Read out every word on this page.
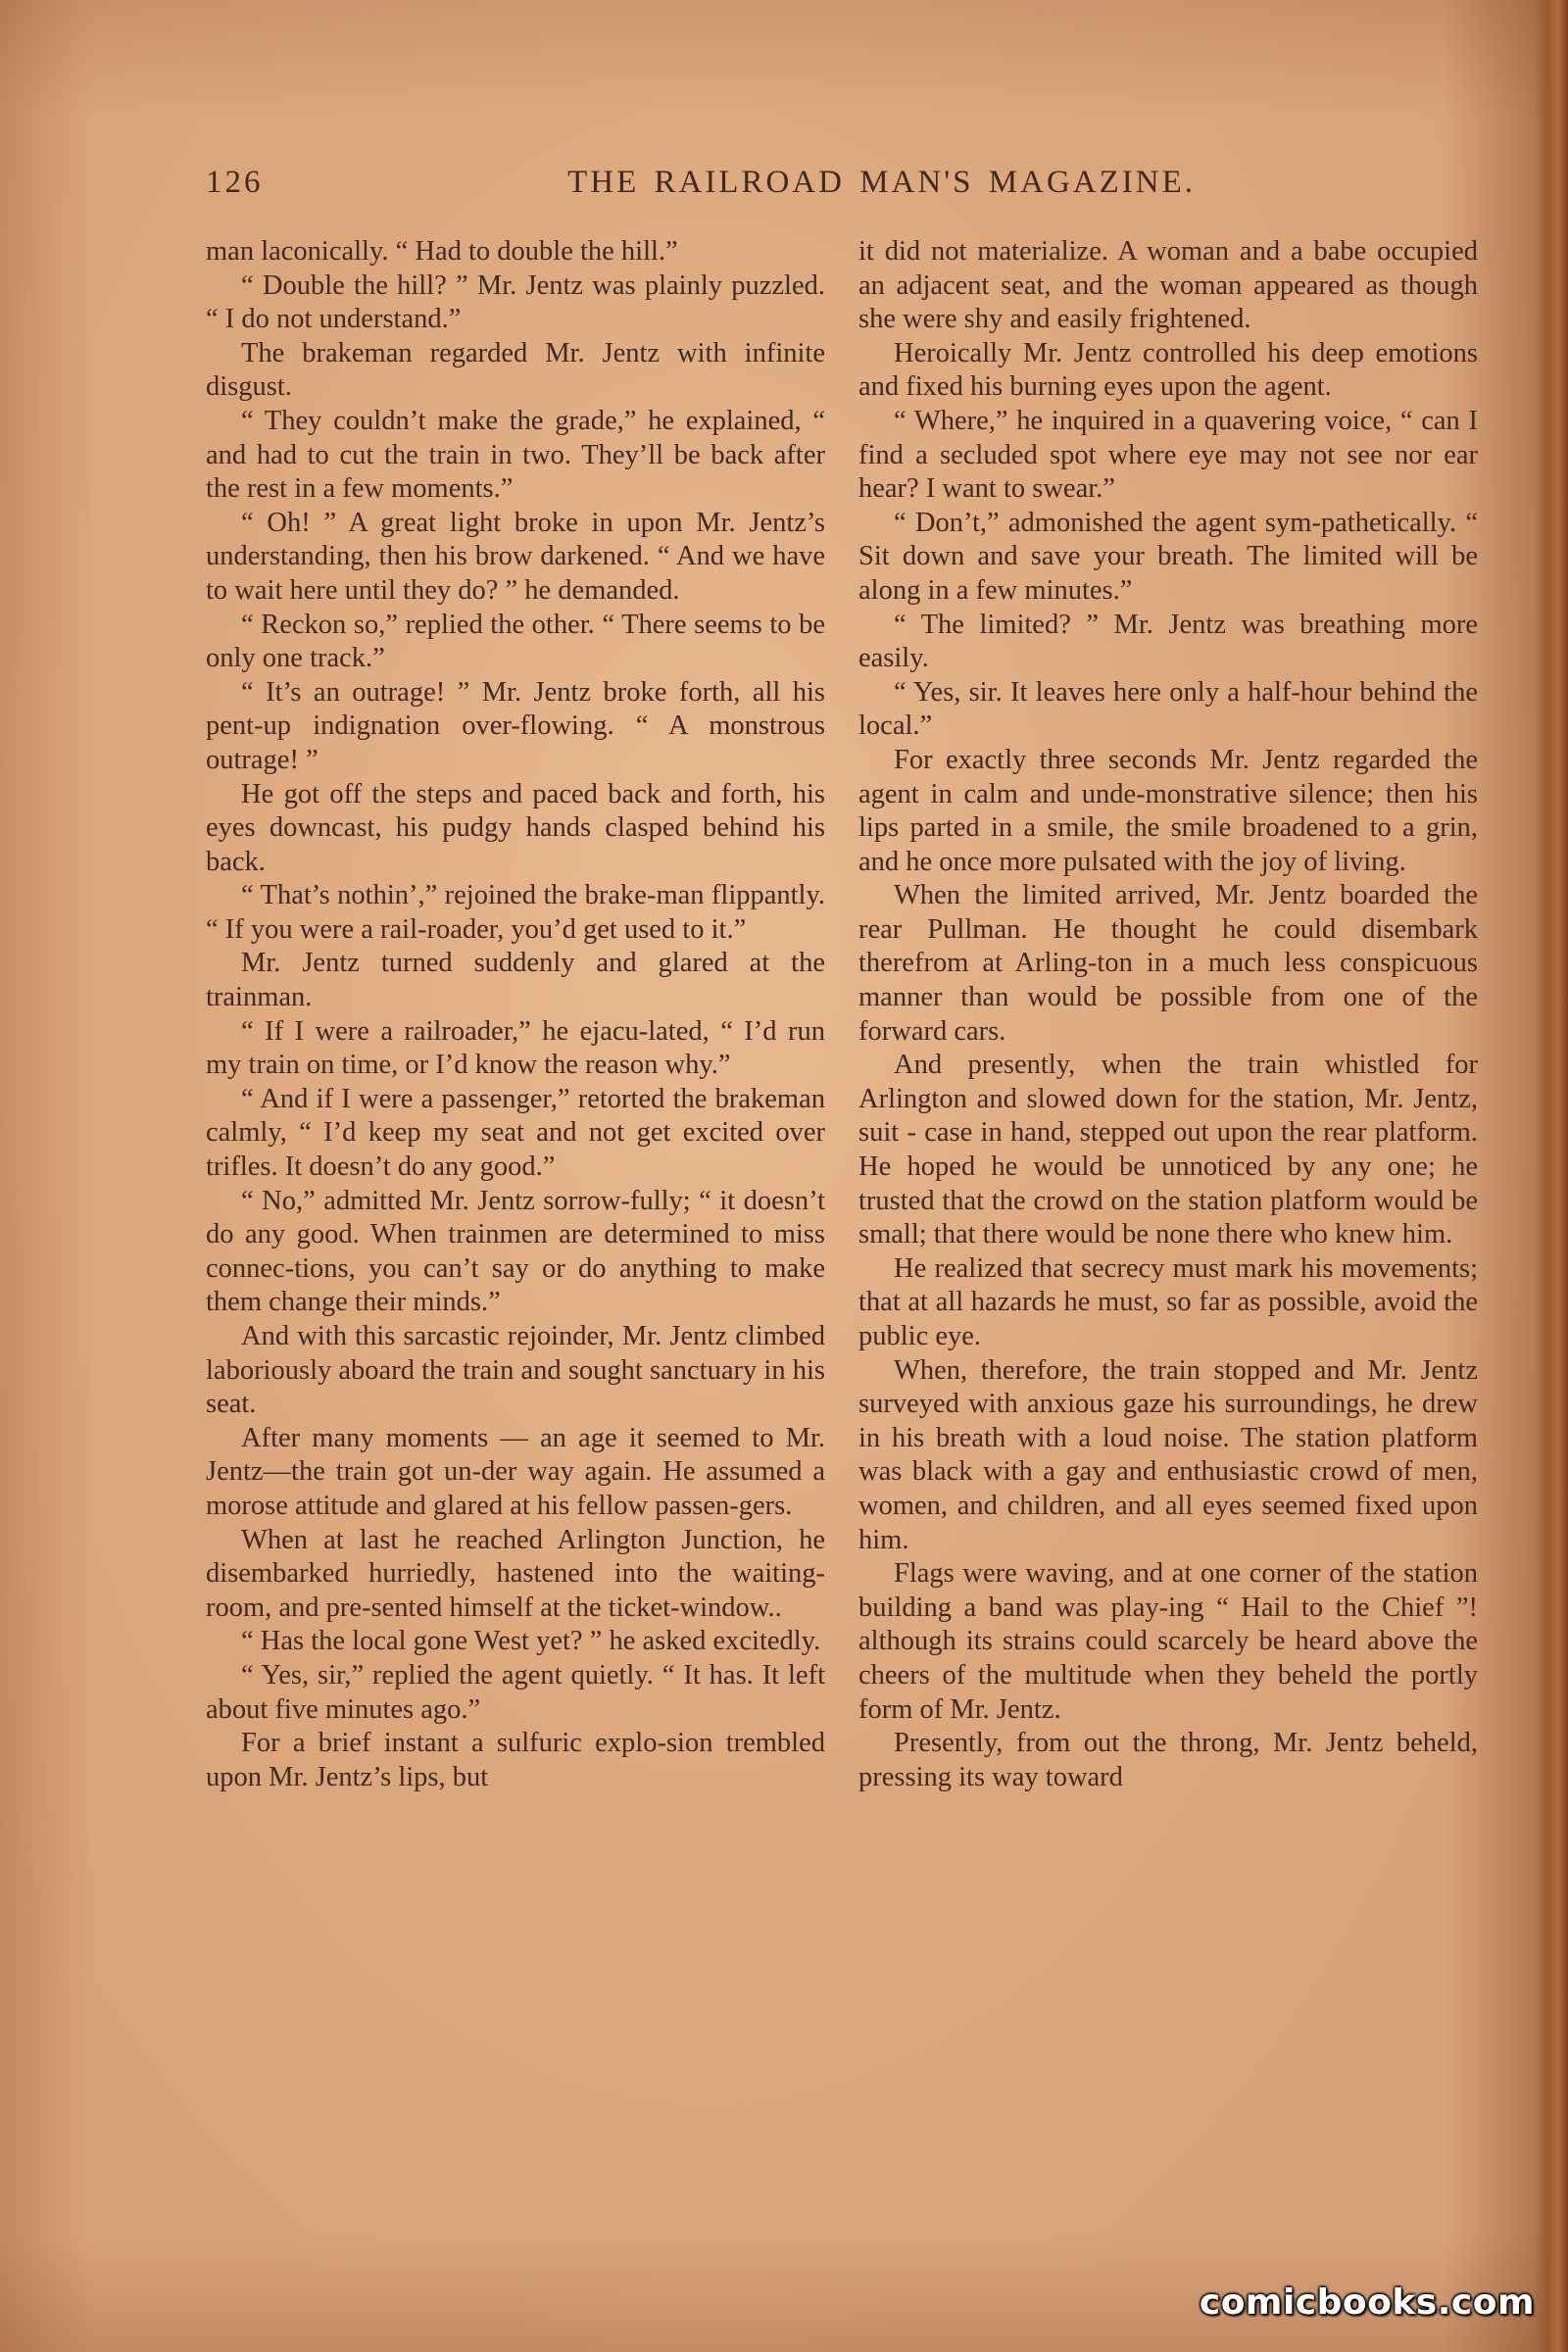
126	THE RAILROAD MAN'S MAGAZINE.

man laconically. “ Had to double the hill.”

“ Double the hill? ” Mr. Jentz was plainly puzzled. “ I do not understand.”

The brakeman regarded Mr. Jentz with infinite disgust.

“ They couldn’t make the grade,” he explained, “ and had to cut the train in two. They’ll be back after the rest in a few moments.”

“ Oh! ” A great light broke in upon Mr. Jentz’s understanding, then his brow darkened. “ And we have to wait here until they do? ” he demanded.

“ Reckon so,” replied the other. “ There seems to be only one track.”

“ It’s an outrage! ” Mr. Jentz broke forth, all his pent-up indignation over-flowing. “ A monstrous outrage! ”

He got off the steps and paced back and forth, his eyes downcast, his pudgy hands clasped behind his back.

“ That’s nothin’,” rejoined the brake-man flippantly. “ If you were a rail-roader, you’d get used to it.”

Mr. Jentz turned suddenly and glared at the trainman.

“ If I were a railroader,” he ejacu-lated, “ I’d run my train on time, or I’d know the reason why.”

“ And if I were a passenger,” retorted the brakeman calmly, “ I’d keep my seat and not get excited over trifles. It doesn’t do any good.”

“ No,” admitted Mr. Jentz sorrow-fully; “ it doesn’t do any good. When trainmen are determined to miss connec-tions, you can’t say or do anything to make them change their minds.”

And with this sarcastic rejoinder, Mr. Jentz climbed laboriously aboard the train and sought sanctuary in his seat.

After many moments — an age it seemed to Mr. Jentz—the train got un-der way again. He assumed a morose attitude and glared at his fellow passen-gers.

When at last he reached Arlington Junction, he disembarked hurriedly, hastened into the waiting-room, and pre-sented himself at the ticket-window..

“ Has the local gone West yet? ” he asked excitedly.

“ Yes, sir,” replied the agent quietly. “ It has. It left about five minutes ago.”

For a brief instant a sulfuric explo-sion trembled upon Mr. Jentz’s lips, but

it did not materialize. A woman and a babe occupied an adjacent seat, and the woman appeared as though she were shy and easily frightened.

Heroically Mr. Jentz controlled his deep emotions and fixed his burning eyes upon the agent.

“ Where,” he inquired in a quavering voice, “ can I find a secluded spot where eye may not see nor ear hear? I want to swear.”

“ Don’t,” admonished the agent sym-pathetically. “ Sit down and save your breath. The limited will be along in a few minutes.”

“ The limited? ” Mr. Jentz was breathing more easily.

“ Yes, sir. It leaves here only a half-hour behind the local.”

For exactly three seconds Mr. Jentz regarded the agent in calm and unde-monstrative silence; then his lips parted in a smile, the smile broadened to a grin, and he once more pulsated with the joy of living.

When the limited arrived, Mr. Jentz boarded the rear Pullman. He thought he could disembark therefrom at Arling-ton in a much less conspicuous manner than would be possible from one of the forward cars.

And presently, when the train whistled for Arlington and slowed down for the station, Mr. Jentz, suit - case in hand, stepped out upon the rear platform. He hoped he would be unnoticed by any one; he trusted that the crowd on the station platform would be small; that there would be none there who knew him.

He realized that secrecy must mark his movements; that at all hazards he must, so far as possible, avoid the public eye.

When, therefore, the train stopped and Mr. Jentz surveyed with anxious gaze his surroundings, he drew in his breath with a loud noise. The station platform was black with a gay and enthusiastic crowd of men, women, and children, and all eyes seemed fixed upon him.

Flags were waving, and at one corner of the station building a band was play-ing “ Hail to the Chief ”! although its strains could scarcely be heard above the cheers of the multitude when they beheld the portly form of Mr. Jentz.

Presently, from out the throng, Mr. Jentz beheld, pressing its way toward

comicbooks.com
